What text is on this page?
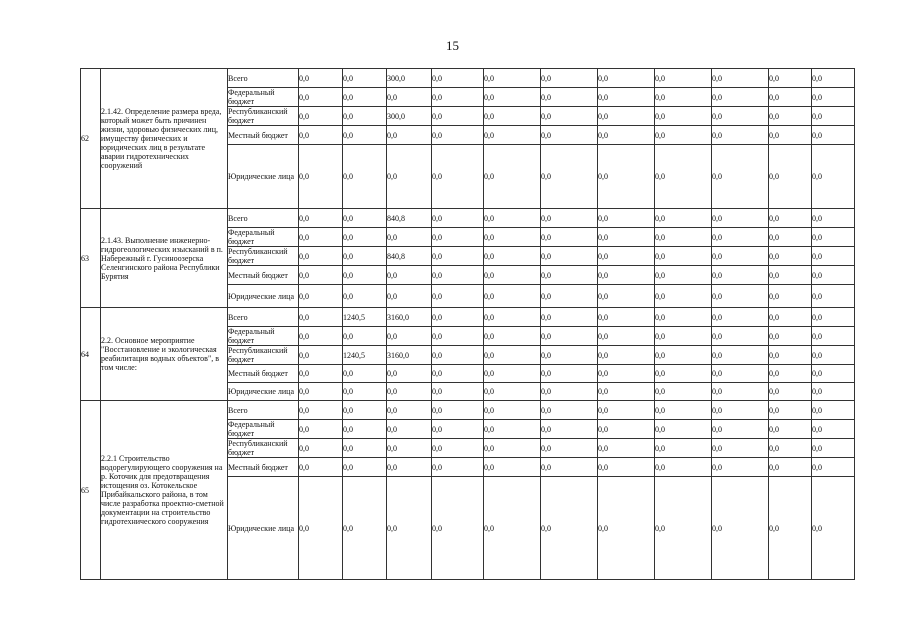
15
62	2.1.42. Определение размера вреда, который может быть причинен жизни, здоровью физических лиц, имуществу физических и юридических лиц в результате аварии гидротехнических сооружений	Всего	0,0	0,0	300,0	0,0	0,0	0,0	0,0	0,0	0,0	0,0	0,0
		Федеральный бюджет	0,0	0,0	0,0	0,0	0,0	0,0	0,0	0,0	0,0	0,0	0,0
		Республиканский бюджет	0,0	0,0	300,0	0,0	0,0	0,0	0,0	0,0	0,0	0,0	0,0
		Местный бюджет	0,0	0,0	0,0	0,0	0,0	0,0	0,0	0,0	0,0	0,0	0,0
		Юридические лица	0,0	0,0	0,0	0,0	0,0	0,0	0,0	0,0	0,0	0,0	0,0
63	2.1.43. Выполнение инженерно-гидрогеологических изысканий в п. Набережный г. Гусиноозерска Селенгинского района Республики Бурятия	Всего	0,0	0,0	840,8	0,0	0,0	0,0	0,0	0,0	0,0	0,0	0,0
		Федеральный бюджет	0,0	0,0	0,0	0,0	0,0	0,0	0,0	0,0	0,0	0,0	0,0
		Республиканский бюджет	0,0	0,0	840,8	0,0	0,0	0,0	0,0	0,0	0,0	0,0	0,0
		Местный бюджет	0,0	0,0	0,0	0,0	0,0	0,0	0,0	0,0	0,0	0,0	0,0
		Юридические лица	0,0	0,0	0,0	0,0	0,0	0,0	0,0	0,0	0,0	0,0	0,0
64	2.2. Основное мероприятие "Восстановление и экологическая реабилитация водных объектов", в том числе:	Всего	0,0	1240,5	3160,0	0,0	0,0	0,0	0,0	0,0	0,0	0,0	0,0
		Федеральный бюджет	0,0	0,0	0,0	0,0	0,0	0,0	0,0	0,0	0,0	0,0	0,0
		Республиканский бюджет	0,0	1240,5	3160,0	0,0	0,0	0,0	0,0	0,0	0,0	0,0	0,0
		Местный бюджет	0,0	0,0	0,0	0,0	0,0	0,0	0,0	0,0	0,0	0,0	0,0
		Юридические лица	0,0	0,0	0,0	0,0	0,0	0,0	0,0	0,0	0,0	0,0	0,0
65	2.2.1 Строительство водорегулирующего сооружения на р. Коточик для предотвращения истощения оз. Котокельское Прибайкальского района, в том числе разработка проектно-сметной документации на строительство гидротехнического сооружения	Всего	0,0	0,0	0,0	0,0	0,0	0,0	0,0	0,0	0,0	0,0	0,0
		Федеральный бюджет	0,0	0,0	0,0	0,0	0,0	0,0	0,0	0,0	0,0	0,0	0,0
		Республиканский бюджет	0,0	0,0	0,0	0,0	0,0	0,0	0,0	0,0	0,0	0,0	0,0
		Местный бюджет	0,0	0,0	0,0	0,0	0,0	0,0	0,0	0,0	0,0	0,0	0,0
		Юридические лица	0,0	0,0	0,0	0,0	0,0	0,0	0,0	0,0	0,0	0,0	0,0
